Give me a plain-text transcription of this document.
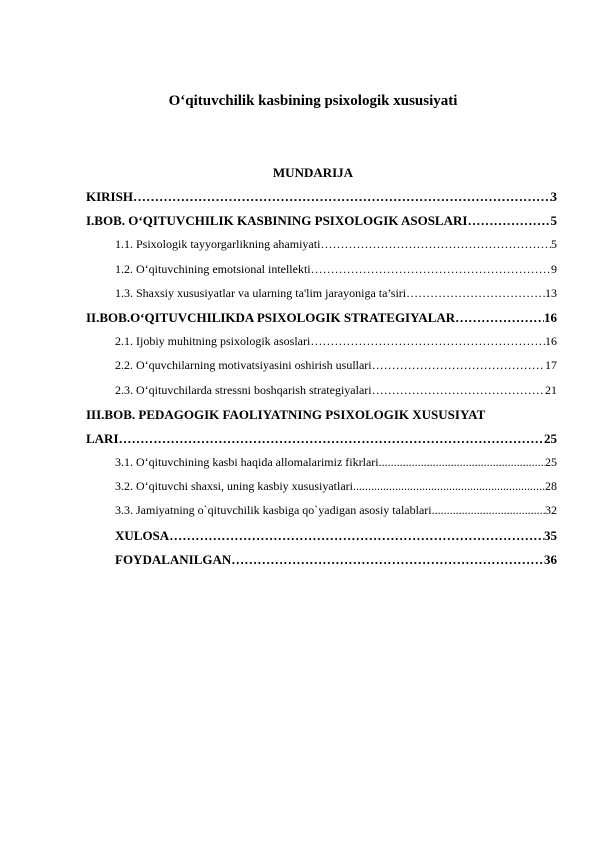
O‘qituvchilik kasbining psixologik xususiyati
MUNDARIJA
KIRISH ……………………………………………………………………………………………………………………………………………………………………	3
I.BOB. O‘QITUVCHILIK KASBINING PSIXOLOGIK ASOSLARI ……………………………………………………………………………………………………………………………………………………………………	5
1.1. Psixologik tayyorgarlikning ahamiyati ……………………………………………………………………………………………………………………………………………………………………	5
1.2. O‘qituvchining emotsional intellekti ……………………………………………………………………………………………………………………………………………………………………	9
1.3. Shaxsiy xususiyatlar va ularning ta'lim jarayoniga ta’siri ……………………………………………………………………………………………………………………………………………………………………	13
II.BOB.O‘QITUVCHILIKDA PSIXOLOGIK STRATEGIYALAR ……………………………………………………………………………………………………………………………………………………………………	16
2.1. Ijobiy muhitning psixologik asoslari ……………………………………………………………………………………………………………………………………………………………………	16
2.2. O‘quvchilarning motivatsiyasini oshirish usullari ……………………………………………………………………………………………………………………………………………………………………	17
2.3. O‘qituvchilarda stressni boshqarish strategiyalari ……………………………………………………………………………………………………………………………………………………………………	21
III.BOB. PEDAGOGIK FAOLIYATNING PSIXOLOGIK XUSUSIYAT
LARI ……………………………………………………………………………………………………………………………………………………………………	25
3.1. O‘qituvchining kasbi haqida allomalarimiz fikrlari .....	25
3.2. O‘qituvchi shaxsi, uning kasbiy xususiyatlari .....	28
3.3. Jamiyatning o`qituvchilik kasbiga qo`yadigan asosiy talablari .....	32
XULOSA ……………………………………………………………………………………………………………………………………………………………………	35
FOYDALANILGAN ……………………………………………………………………………………………………………………………………………………………………	36
